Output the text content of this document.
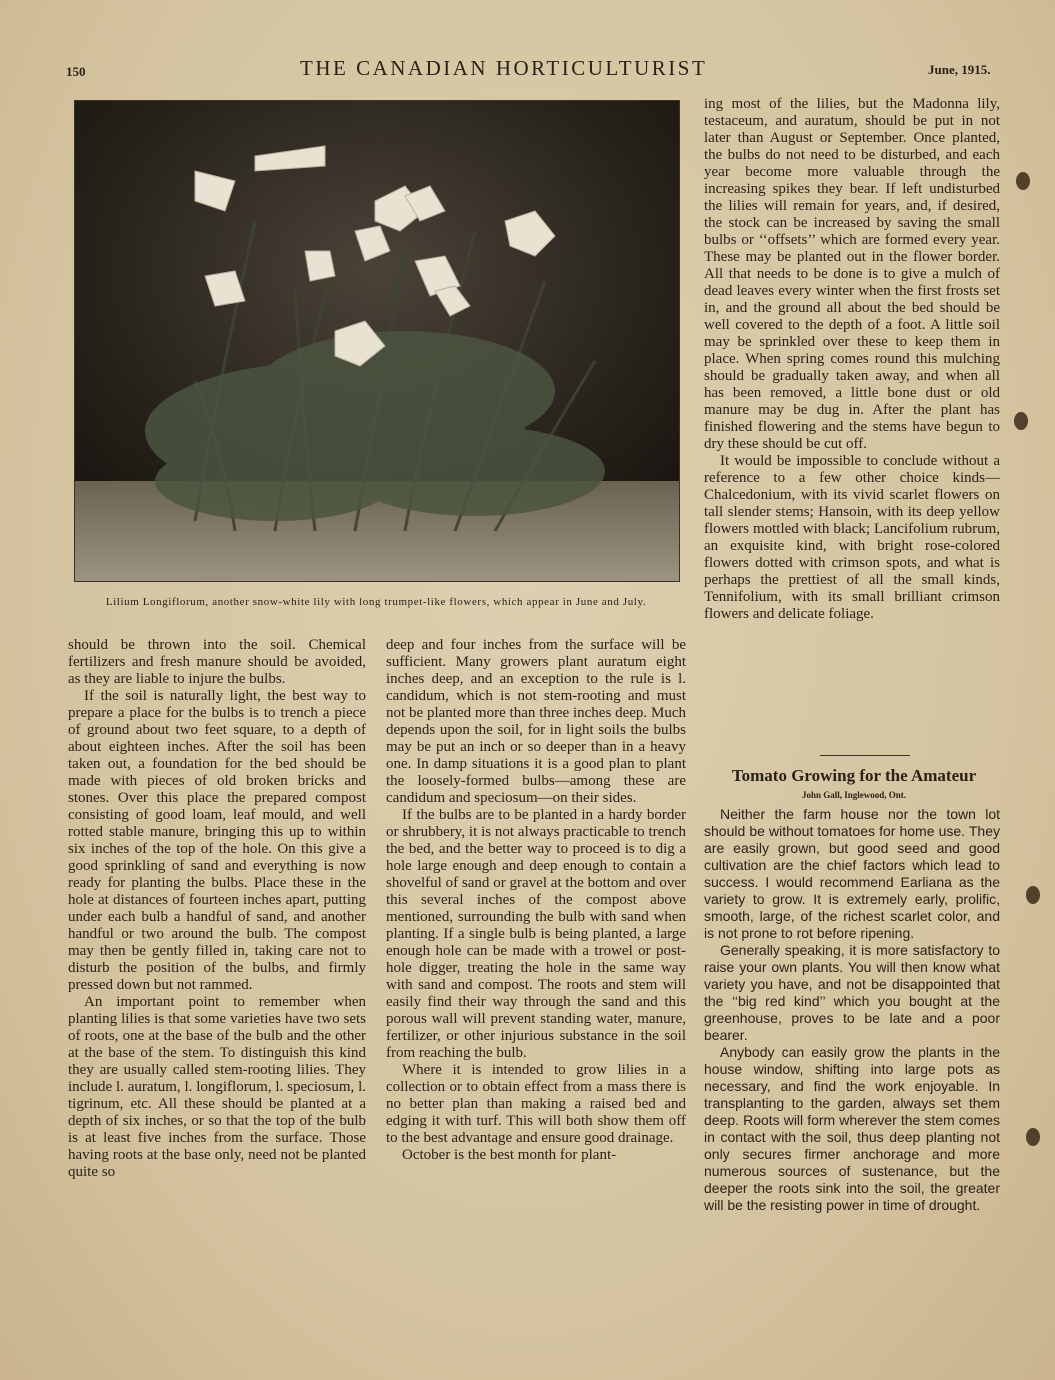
150	THE CANADIAN HORTICULTURIST	June, 1915.
Lilium Longiflorum, another snow-white lily with long trumpet-like flowers, which appear in June and July.

should be thrown into the soil. Chemical fertilizers and fresh manure should be avoided, as they are liable to injure the bulbs.

If the soil is naturally light, the best way to prepare a place for the bulbs is to trench a piece of ground about two feet square, to a depth of about eighteen inches. After the soil has been taken out, a foundation for the bed should be made with pieces of old broken bricks and stones. Over this place the prepared compost consisting of good loam, leaf mould, and well rotted stable manure, bringing this up to within six inches of the top of the hole. On this give a good sprinkling of sand and everything is now ready for planting the bulbs. Place these in the hole at distances of fourteen inches apart, putting under each bulb a handful of sand, and another handful or two around the bulb. The compost may then be gently filled in, taking care not to disturb the position of the bulbs, and firmly pressed down but not rammed.

An important point to remember when planting lilies is that some varieties have two sets of roots, one at the base of the bulb and the other at the base of the stem. To distinguish this kind they are usually called stem-rooting lilies. They include l. auratum, l. longiflorum, l. speciosum, l. tigrinum, etc. All these should be planted at a depth of six inches, or so that the top of the bulb is at least five inches from the surface. Those having roots at the base only, need not be planted quite so

deep and four inches from the surface will be sufficient. Many growers plant auratum eight inches deep, and an exception to the rule is l. candidum, which is not stem-rooting and must not be planted more than three inches deep. Much depends upon the soil, for in light soils the bulbs may be put an inch or so deeper than in a heavy one. In damp situations it is a good plan to plant the loosely-formed bulbs—among these are candidum and speciosum—on their sides.

If the bulbs are to be planted in a hardy border or shrubbery, it is not always practicable to trench the bed, and the better way to proceed is to dig a hole large enough and deep enough to contain a shovelful of sand or gravel at the bottom and over this several inches of the compost above mentioned, surrounding the bulb with sand when planting. If a single bulb is being planted, a large enough hole can be made with a trowel or post-hole digger, treating the hole in the same way with sand and compost. The roots and stem will easily find their way through the sand and this porous wall will prevent standing water, manure, fertilizer, or other injurious substance in the soil from reaching the bulb.

Where it is intended to grow lilies in a collection or to obtain effect from a mass there is no better plan than making a raised bed and edging it with turf. This will both show them off to the best advantage and ensure good drainage.

October is the best month for plant-

ing most of the lilies, but the Madonna lily, testaceum, and auratum, should be put in not later than August or September. Once planted, the bulbs do not need to be disturbed, and each year become more valuable through the increasing spikes they bear. If left undisturbed the lilies will remain for years, and, if desired, the stock can be increased by saving the small bulbs or ‘‘offsets’’ which are formed every year. These may be planted out in the flower border. All that needs to be done is to give a mulch of dead leaves every winter when the first frosts set in, and the ground all about the bed should be well covered to the depth of a foot. A little soil may be sprinkled over these to keep them in place. When spring comes round this mulching should be gradually taken away, and when all has been removed, a little bone dust or old manure may be dug in. After the plant has finished flowering and the stems have begun to dry these should be cut off.

It would be impossible to conclude without a reference to a few other choice kinds—Chalcedonium, with its vivid scarlet flowers on tall slender stems; Hansoin, with its deep yellow flowers mottled with black; Lancifolium rubrum, an exquisite kind, with bright rose-colored flowers dotted with crimson spots, and what is perhaps the prettiest of all the small kinds, Tennifolium, with its small brilliant crimson flowers and delicate foliage.

Tomato Growing for the Amateur
John Gall, Inglewood, Ont.

Neither the farm house nor the town lot should be without tomatoes for home use. They are easily grown, but good seed and good cultivation are the chief factors which lead to success. I would recommend Earliana as the variety to grow. It is extremely early, prolific, smooth, large, of the richest scarlet color, and is not prone to rot before ripening.

Generally speaking, it is more satisfactory to raise your own plants. You will then know what variety you have, and not be disappointed that the ‘‘big red kind’’ which you bought at the greenhouse, proves to be late and a poor bearer.

Anybody can easily grow the plants in the house window, shifting into large pots as necessary, and find the work enjoyable. In transplanting to the garden, always set them deep. Roots will form wherever the stem comes in contact with the soil, thus deep planting not only secures firmer anchorage and more numerous sources of sustenance, but the deeper the roots sink into the soil, the greater will be the resisting power in time of drought.
